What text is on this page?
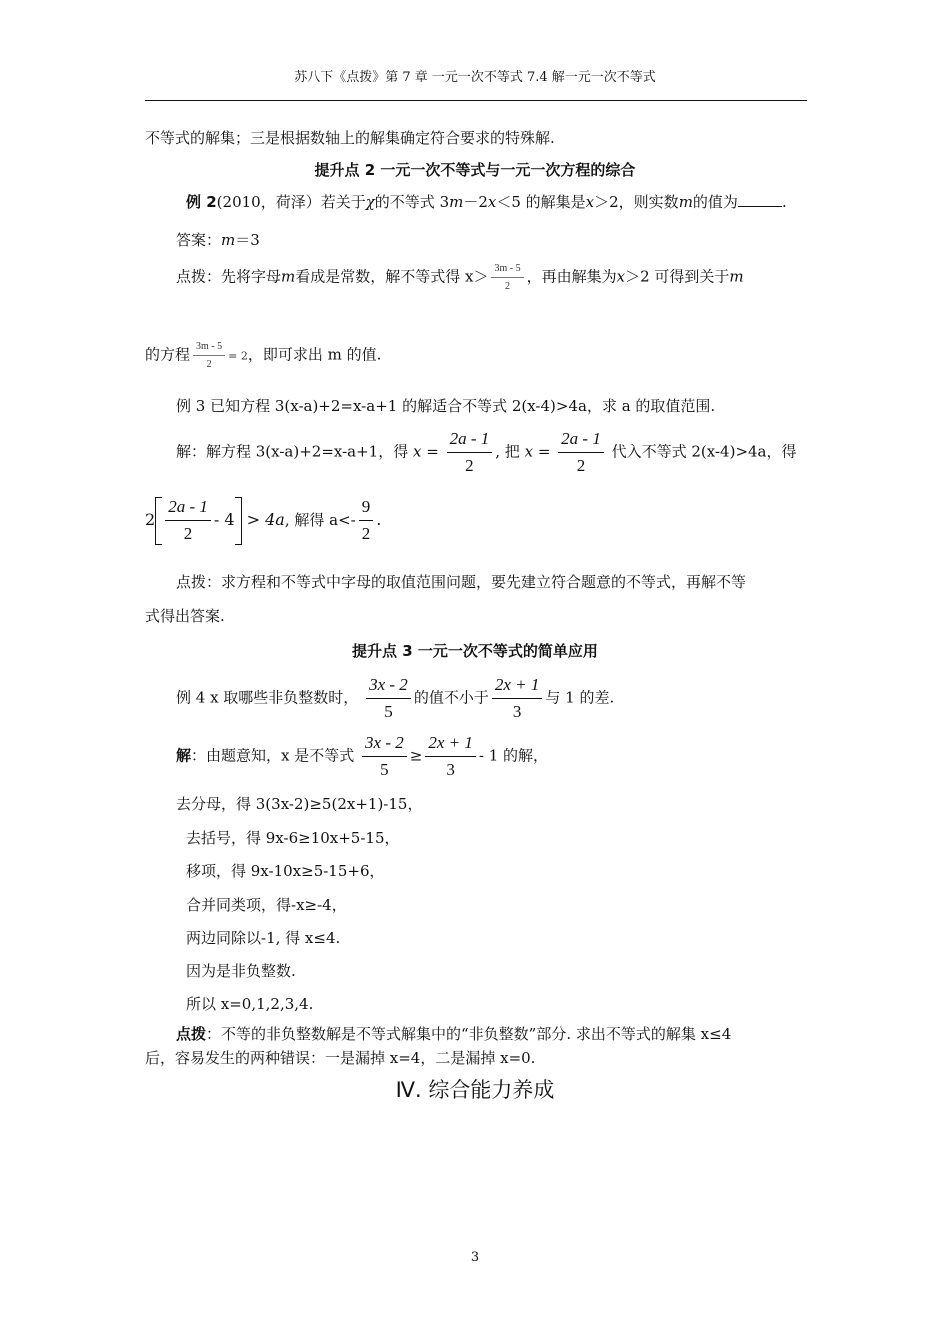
苏八下《点拨》第 7 章 一元一次不等式 7.4 解一元一次不等式
不等式的解集；三是根据数轴上的解集确定符合要求的特殊解.
提升点 2 一元一次不等式与一元一次方程的综合
例 2(2010，荷泽）若关于χ的不等式 3m－2x＜5 的解集是x＞2，则实数m的值为	.
答案：m＝3
点拨：先将字母m看成是常数，解不等式得 $x> \frac{3m - 5}{2}$ ，再由解集为x＞2 可得到关于m
的方程 $\frac{3m - 5}{2} = 2$，即可求出 m 的值.
例 3 已知方程 3(x-a)+2=x-a+1 的解适合不等式 2(x-4)>4a，求 a 的取值范围.
解：解方程 3(x-a)+2=x-a+1，得 $x = \frac{2a - 1}{2}$ , 把 $x = \frac{2a - 1}{2}$ 代入不等式 2(x-4)>4a，得
$2 \frac{2a - 1}{2} - 4 > 4a$, 解得 $a<- \frac{9}{2}$ .
点拨：求方程和不等式中字母的取值范围问题，要先建立符合题意的不等式，再解不等
式得出答案.
提升点 3 一元一次不等式的简单应用
例 4 x 取哪些非负整数时， $\frac{3x - 2}{5}$ 的值不小于 $\frac{2x + 1}{3}$ 与 1 的差.
解：由题意知，x 是不等式 $\frac{3x - 2}{5} \ge \frac{2x + 1}{3} - 1$ 的解，
去分母，得 3(3x-2)≥5(2x+1)-15，
去括号，得 9x-6≥10x+5-15，
移项，得 9x-10x≥5-15+6，
合并同类项，得-x≥-4，
两边同除以-1, 得 x≤4.
因为是非负整数.
所以 x=0,1,2,3,4.
点拨：不等的非负整数解是不等式解集中的“非负整数”部分. 求出不等式的解集 x≤4
后，容易发生的两种错误：一是漏掉 x=4，二是漏掉 x=0.
Ⅳ. 综合能力养成
3
